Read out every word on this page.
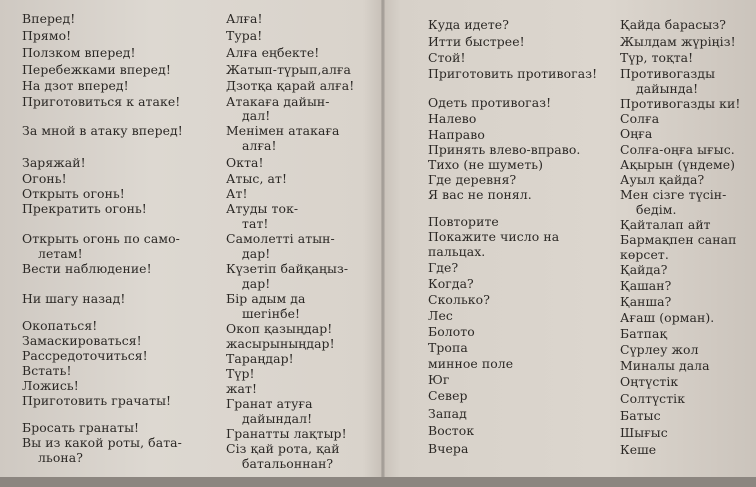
Вперед!
Прямо!
Ползком вперед!
Перебежками вперед!
На дзот вперед!
Приготовиться к атаке!
За мной в атаку вперед!
Заряжай!
Огонь!
Открыть огонь!
Прекратить огонь!
Открыть огонь по само-
летам!
Вести наблюдение!
Ни шагу назад!
Окопаться!
Замаскироваться!
Рассредоточиться!
Встать!
Ложись!
Приготовить грачаты!
Бросать гранаты!
Вы из какой роты, бата-
льона?
Алға!
Тура!
Алға еңбекте!
Жатып-түрып,алға
Дзотқа қарай алға!
Атакаға дайын-
дал!
Менімен атакаға
алға!
Окта!
Атыс, ат!
Ат!
Атуды ток-
тат!
Самолетті атын-
дар!
Күзетіп байқаңыз-
дар!
Бір адым да
шегінбе!
Окоп қазыңдар!
жасырыныңдар!
Тараңдар!
Түр!
жат!
Гранат атуға
дайындал!
Гранатты лақтыр!
Сіз қай рота, қай
батальоннан?
Куда идете?
Итти быстрее!
Стой!
Приготовить противогаз!
Одеть противогаз!
Налево
Направо
Принять влево-вправо.
Тихо (не шуметь)
Где деревня?
Я вас не понял.
Повторите
Покажите число на
пальцах.
Где?
Когда?
Сколько?
Лес
Болото
Тропа
минное поле
Юг
Север
Запад
Восток
Вчера
Қайда барасыз?
Жылдам жүріңіз!
Түр, тоқта!
Противогазды
дайында!
Противогазды ки!
Солға
Оңға
Солға-оңға ығыс.
Ақырын (үндеме)
Ауыл қайда?
Мен сізге түсін-
бедім.
Қайталап айт
Бармақпен санап
көрсет.
Қайда?
Қашан?
Қанша?
Ағаш (орман).
Батпақ
Сүрлеу жол
Миналы дала
Оңтүстік
Солтүстік
Батыс
Шығыс
Кеше
